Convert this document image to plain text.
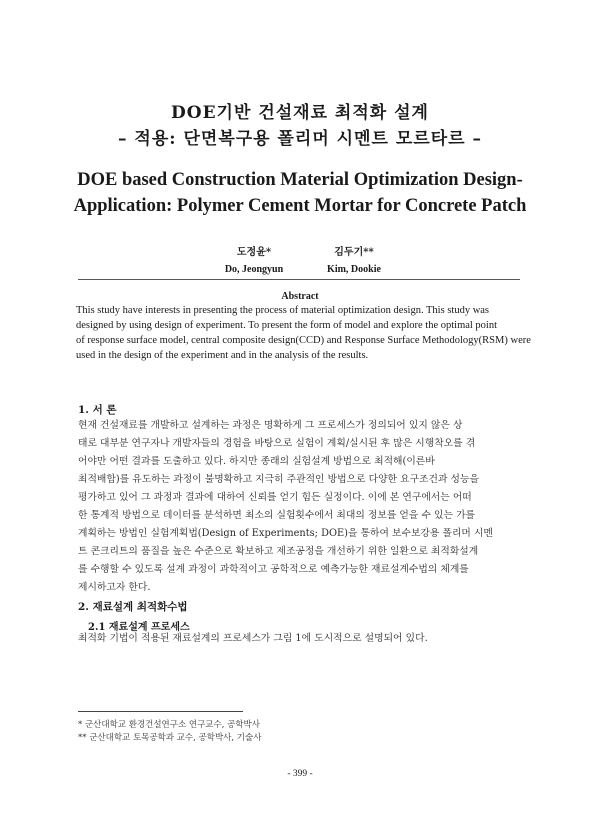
DOE기반 건설재료 최적화 설계
– 적용: 단면복구용 폴리머 시멘트 모르타르 –
DOE based Construction Material Optimization Design-
Application: Polymer Cement Mortar for Concrete Patch
도정윤*
Do, Jeongyun
김두기**
Kim, Dookie
Abstract
This study have interests in presenting the process of material optimization design. This study was
designed by using design of experiment. To present the form of model and explore the optimal point
of response surface model, central composite design(CCD) and Response Surface Methodology(RSM) were
used in the design of the experiment and in the analysis of the results.
1. 서 론
현재 건설재료를 개발하고 설계하는 과정은 명확하게 그 프로세스가 정의되어 있지 않은 상
태로 대부분 연구자나 개발자들의 경험을 바탕으로 실험이 계획/실시된 후 많은 시행착오를 겪
어야만 어떤 결과를 도출하고 있다. 하지만 종래의 실험설계 방법으로 최적해(이른바
최적배합)를 유도하는 과정이 불명확하고 지극히 주관적인 방법으로 다양한 요구조건과 성능을
평가하고 있어 그 과정과 결과에 대하여 신뢰를 얻기 힘든 실정이다. 이에 본 연구에서는 어떠
한 통계적 방법으로 데이터를 분석하면 최소의 실험횟수에서 최대의 정보를 얻을 수 있는 가를
계획하는 방법인 실험계획법(Design of Experiments; DOE)을 통하여 보수보강용 폴리머 시멘
트 콘크리트의 품질을 높은 수준으로 확보하고 제조공정을 개선하기 위한 일환으로 최적화설계
를 수행할 수 있도록 설계 과정이 과학적이고 공학적으로 예측가능한 재료설계수법의 체계를
제시하고자 한다.
2. 재료설계 최적화수법
2.1 재료설계 프로세스
최적화 기법이 적용된 재료설계의 프로세스가 그림 1에 도시적으로 설명되어 있다.
* 군산대학교 환경건설연구소 연구교수, 공학박사
** 군산대학교 토목공학과 교수, 공학박사, 기술사
- 399 -
